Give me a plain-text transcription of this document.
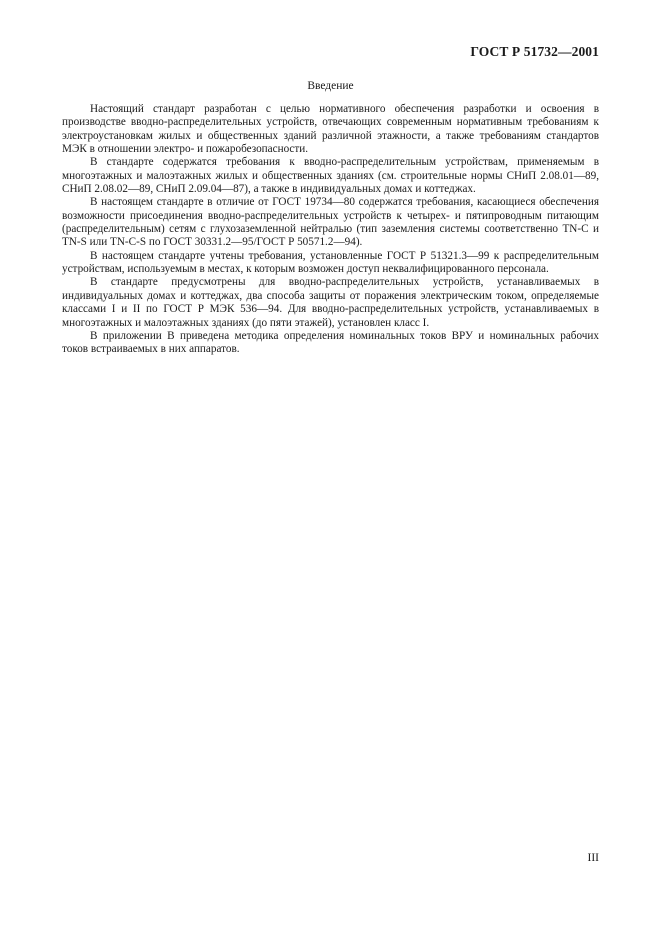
ГОСТ Р 51732—2001
Введение

Настоящий стандарт разработан с целью нормативного обеспечения разработки и освоения в производстве вводно-распределительных устройств, отвечающих современным нормативным требованиям к электроустановкам жилых и общественных зданий различной этажности, а также требованиям стандартов МЭК в отношении электро- и пожаробезопасности.

В стандарте содержатся требования к вводно-распределительным устройствам, применяемым в многоэтажных и малоэтажных жилых и общественных зданиях (см. строительные нормы СНиП 2.08.01—89, СНиП 2.08.02—89, СНиП 2.09.04—87), а также в индивидуальных домах и коттеджах.

В настоящем стандарте в отличие от ГОСТ 19734—80 содержатся требования, касающиеся обеспечения возможности присоединения вводно-распределительных устройств к четырех- и пятипроводным питающим (распределительным) сетям с глухозаземленной нейтралью (тип заземления системы соответственно TN-C и TN-S или TN-C-S по ГОСТ 30331.2—95/ГОСТ Р 50571.2—94).

В настоящем стандарте учтены требования, установленные ГОСТ Р 51321.3—99 к распределительным устройствам, используемым в местах, к которым возможен доступ неквалифицированного персонала.

В стандарте предусмотрены для вводно-распределительных устройств, устанавливаемых в индивидуальных домах и коттеджах, два способа защиты от поражения электрическим током, определяемые классами I и II по ГОСТ Р МЭК 536—94. Для вводно-распределительных устройств, устанавливаемых в многоэтажных и малоэтажных зданиях (до пяти этажей), установлен класс I.

В приложении В приведена методика определения номинальных токов ВРУ и номинальных рабочих токов встраиваемых в них аппаратов.

III
